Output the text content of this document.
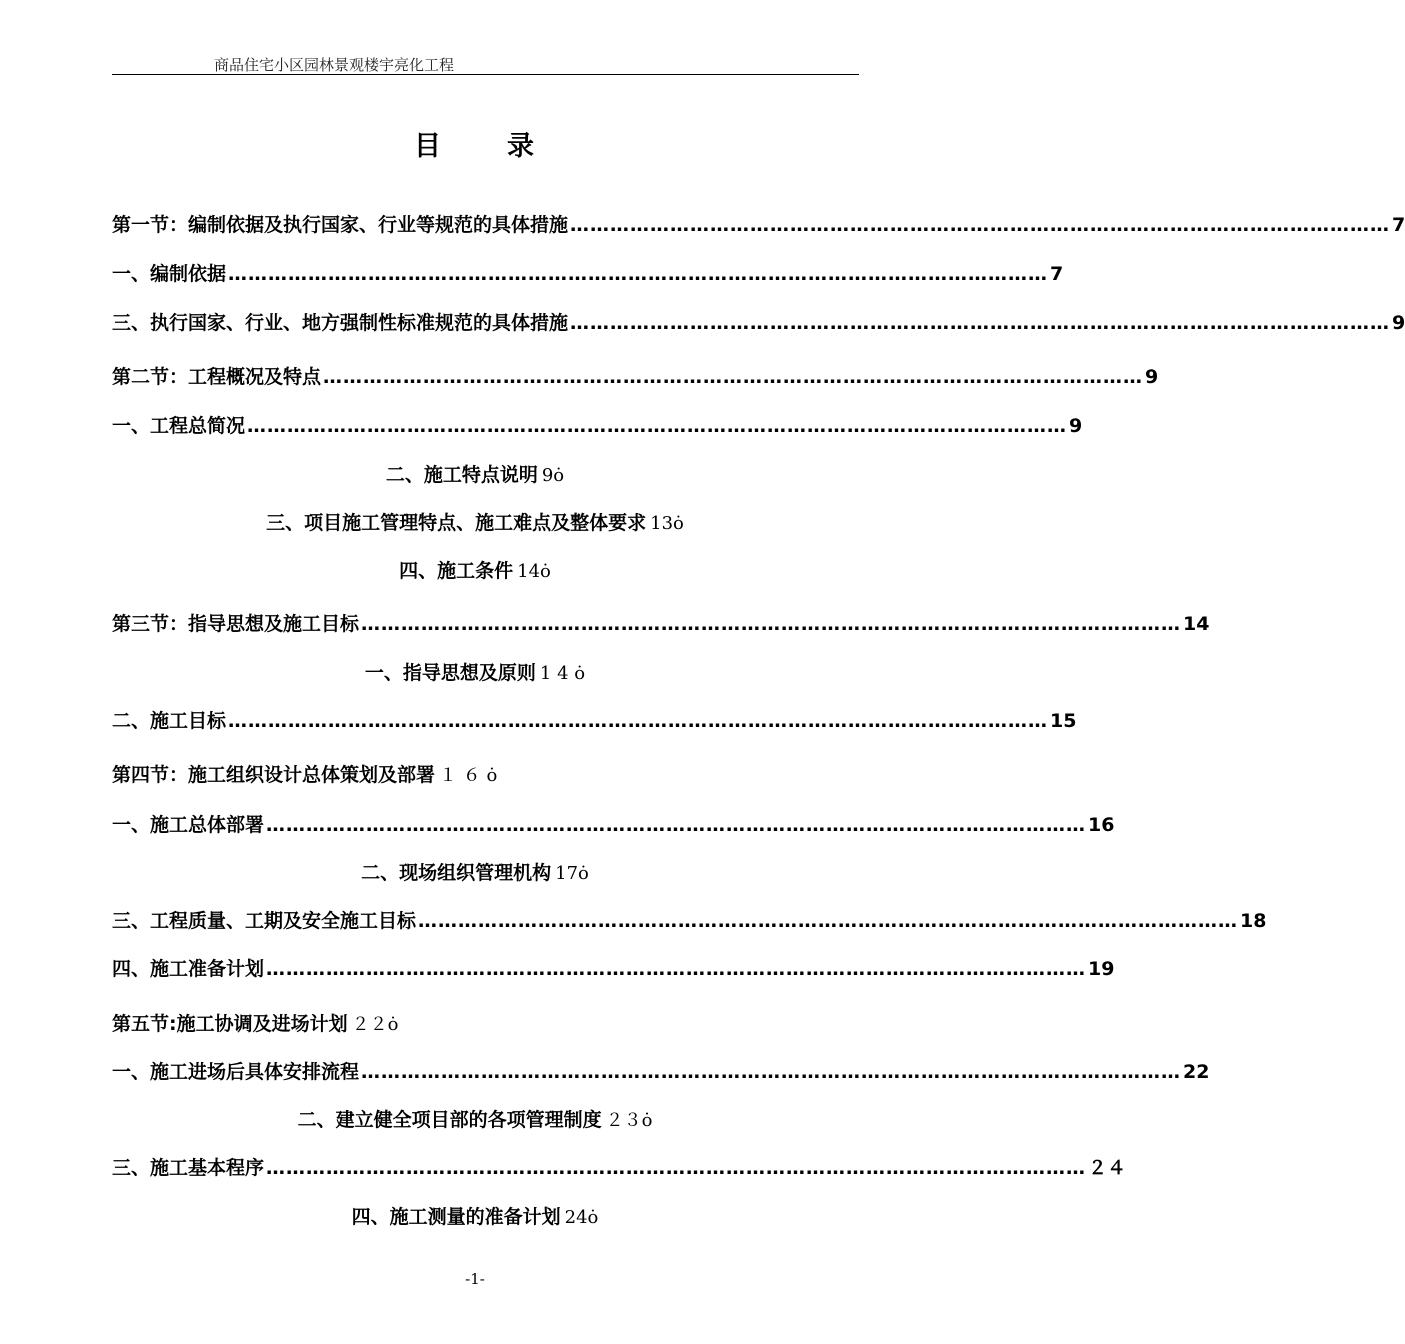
商品住宅小区园林景观楼宇亮化工程
目 录
第一节：编制依据及执行国家、行业等规范的具体措施 …………………………………………………………………………………………………………… 7
一、编制依据 …………………………………………………………………………………………………………… 7
三、执行国家、行业、地方强制性标准规范的具体措施 …………………………………………………………………………………………………………… 9
第二节：工程概况及特点 …………………………………………………………………………………………………………… 9
一、工程总简况 …………………………………………………………………………………………………………… 9
二、施工特点说明 9ȯ
三、项目施工管理特点、施工难点及整体要求 13ȯ
四、施工条件 14ȯ
第三节：指导思想及施工目标 …………………………………………………………………………………………………………… 14
一、指导思想及原则 1 4 ȯ
二、施工目标 …………………………………………………………………………………………………………… 15
第四节：施工组织设计总体策划及部署 １ ６ ȯ
一、施工总体部署 …………………………………………………………………………………………………………… 16
二、现场组织管理机构 17ȯ
三、工程质量、工期及安全施工目标 …………………………………………………………………………………………………………… 18
四、施工准备计划 …………………………………………………………………………………………………………… 19
第五节:施工协调及进场计划 ２２ȯ
一、施工进场后具体安排流程 …………………………………………………………………………………………………………… 22
二、建立健全项目部的各项管理制度 ２３ȯ
三、施工基本程序 …………………………………………………………………………………………………………… ２４
四、施工测量的准备计划 24ȯ
-1-
